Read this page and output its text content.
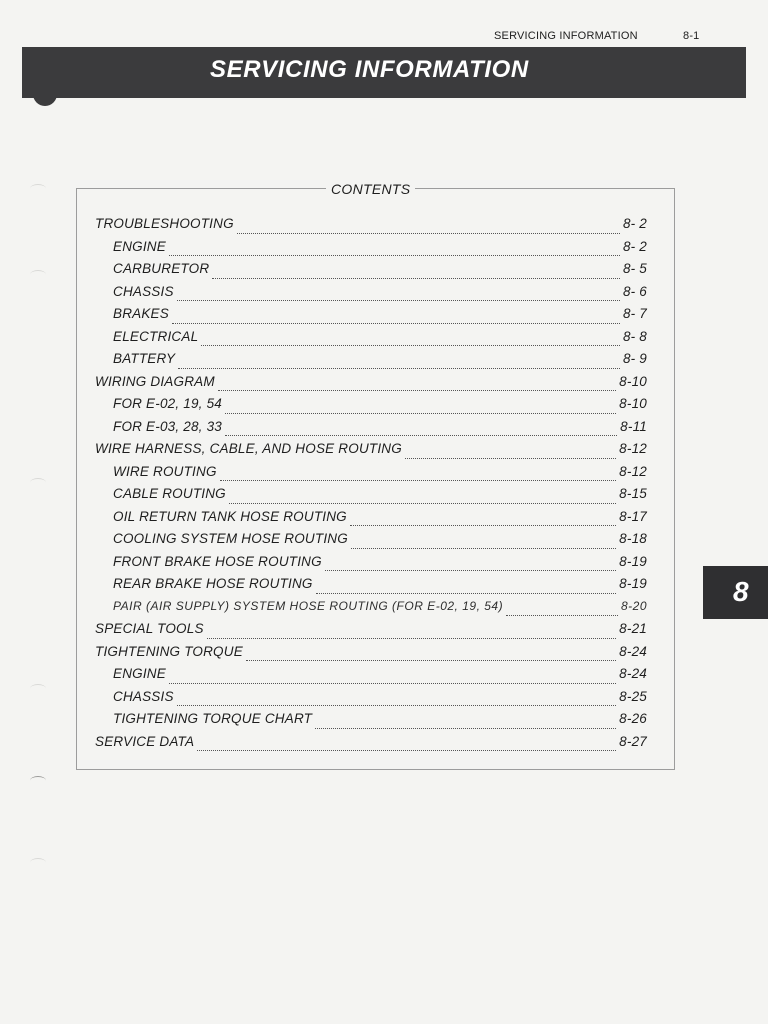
SERVICING INFORMATION	8-1
SERVICING INFORMATION
8
CONTENTS
TROUBLESHOOTING	8- 2
ENGINE	8- 2
CARBURETOR	8- 5
CHASSIS	8- 6
BRAKES	8- 7
ELECTRICAL	8- 8
BATTERY	8- 9
WIRING DIAGRAM	8-10
FOR E-02, 19, 54	8-10
FOR E-03, 28, 33	8-11
WIRE HARNESS, CABLE, AND HOSE ROUTING	8-12
WIRE ROUTING	8-12
CABLE ROUTING	8-15
OIL RETURN TANK HOSE ROUTING	8-17
COOLING SYSTEM HOSE ROUTING	8-18
FRONT BRAKE HOSE ROUTING	8-19
REAR BRAKE HOSE ROUTING	8-19
PAIR (AIR SUPPLY) SYSTEM HOSE ROUTING (FOR E-02, 19, 54)	8-20
SPECIAL TOOLS	8-21
TIGHTENING TORQUE	8-24
ENGINE	8-24
CHASSIS	8-25
TIGHTENING TORQUE CHART	8-26
SERVICE DATA	8-27
